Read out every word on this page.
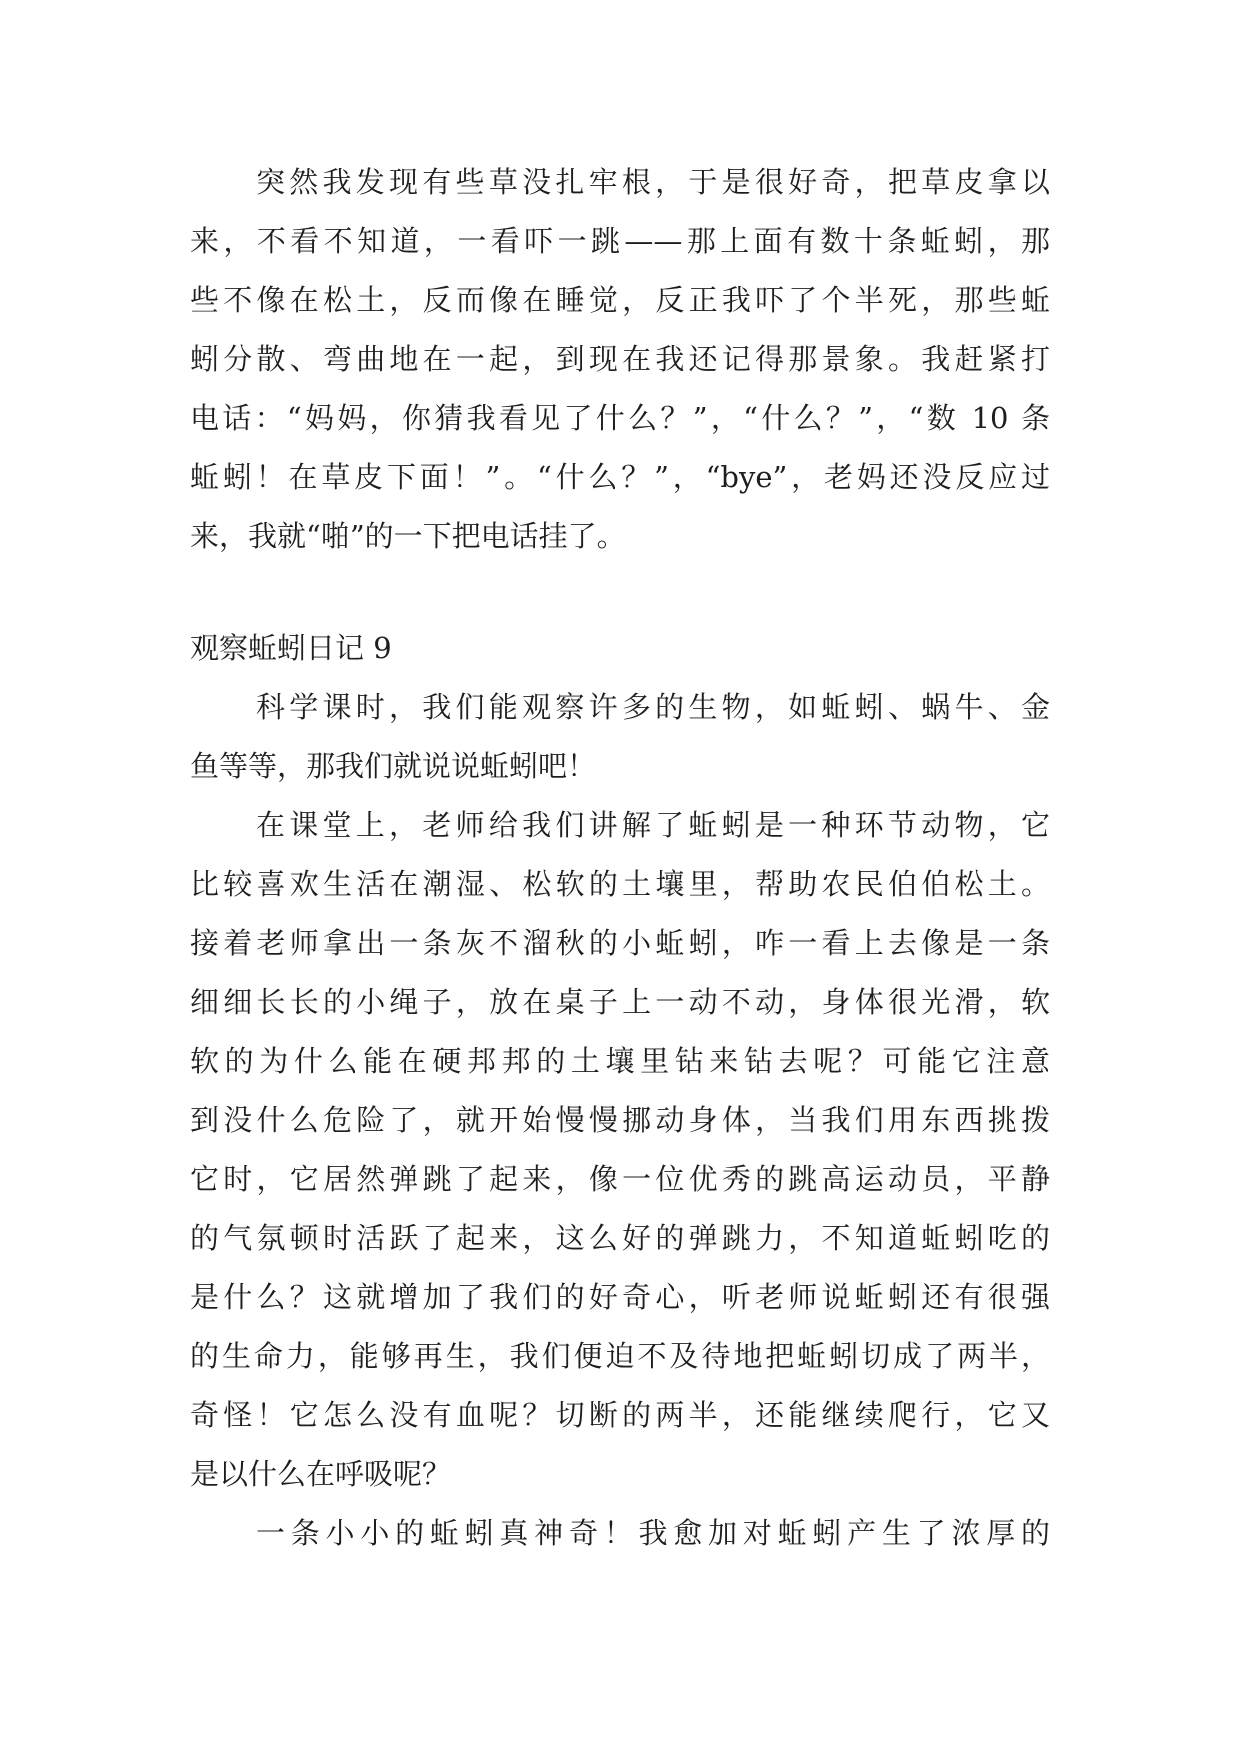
突然我发现有些草没扎牢根，于是很好奇，把草皮拿以

来，不看不知道，一看吓一跳——那上面有数十条蚯蚓，那

些不像在松土，反而像在睡觉，反正我吓了个半死，那些蚯

蚓分散、弯曲地在一起，到现在我还记得那景象。我赶紧打

电话：“妈妈，你猜我看见了什么？”，“什么？”，“数 10 条

蚯蚓！在草皮下面！”。“什么？”，“bye”，老妈还没反应过

来，我就“啪”的一下把电话挂了。

观察蚯蚓日记 9

科学课时，我们能观察许多的生物，如蚯蚓、蜗牛、金

鱼等等，那我们就说说蚯蚓吧！

在课堂上，老师给我们讲解了蚯蚓是一种环节动物，它

比较喜欢生活在潮湿、松软的土壤里，帮助农民伯伯松土。

接着老师拿出一条灰不溜秋的小蚯蚓，咋一看上去像是一条

细细长长的小绳子，放在桌子上一动不动，身体很光滑，软

软的为什么能在硬邦邦的土壤里钻来钻去呢？可能它注意

到没什么危险了，就开始慢慢挪动身体，当我们用东西挑拨

它时，它居然弹跳了起来，像一位优秀的跳高运动员，平静

的气氛顿时活跃了起来，这么好的弹跳力，不知道蚯蚓吃的

是什么？这就增加了我们的好奇心，听老师说蚯蚓还有很强

的生命力，能够再生，我们便迫不及待地把蚯蚓切成了两半，

奇怪！它怎么没有血呢？切断的两半，还能继续爬行，它又

是以什么在呼吸呢？

一条小小的蚯蚓真神奇！我愈加对蚯蚓产生了浓厚的
